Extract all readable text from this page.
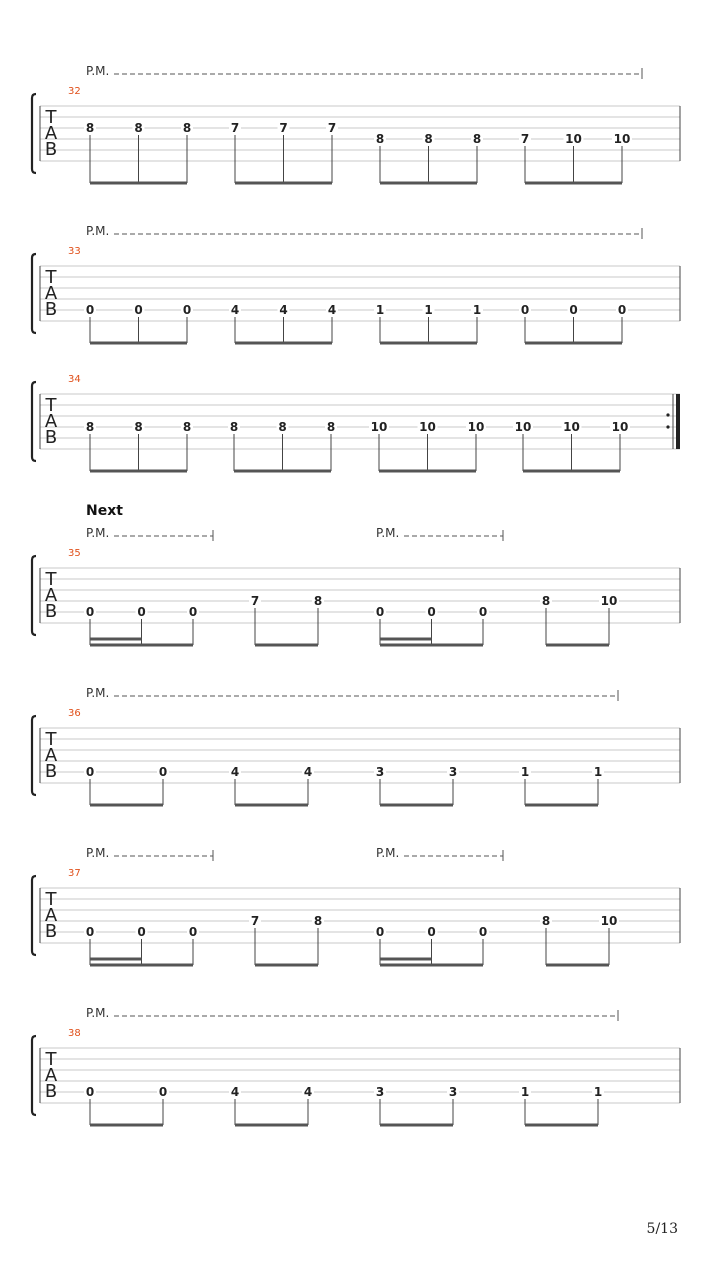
T
A
B
32
8	8	8	7	7	7
8	8	8	7	10	10
P.M.
T
A
B
33
0	0	0	4	4	4	1	1	1	0	0	0
P.M.
T
A
B
34
8	8	8	8	8	8	10	10	10	10	10	10
Next
T
A
B
35
0	0	0
7	8
0	0	0
8	10
P.M.	P.M.
T
A
B
36
0	0	4	4	3	3	1	1
P.M.
T
A
B
37
0	0	0
7	8
0	0	0
8	10
P.M.	P.M.
T
A
B
38
0	0	4	4	3	3	1	1
P.M.
5/13
